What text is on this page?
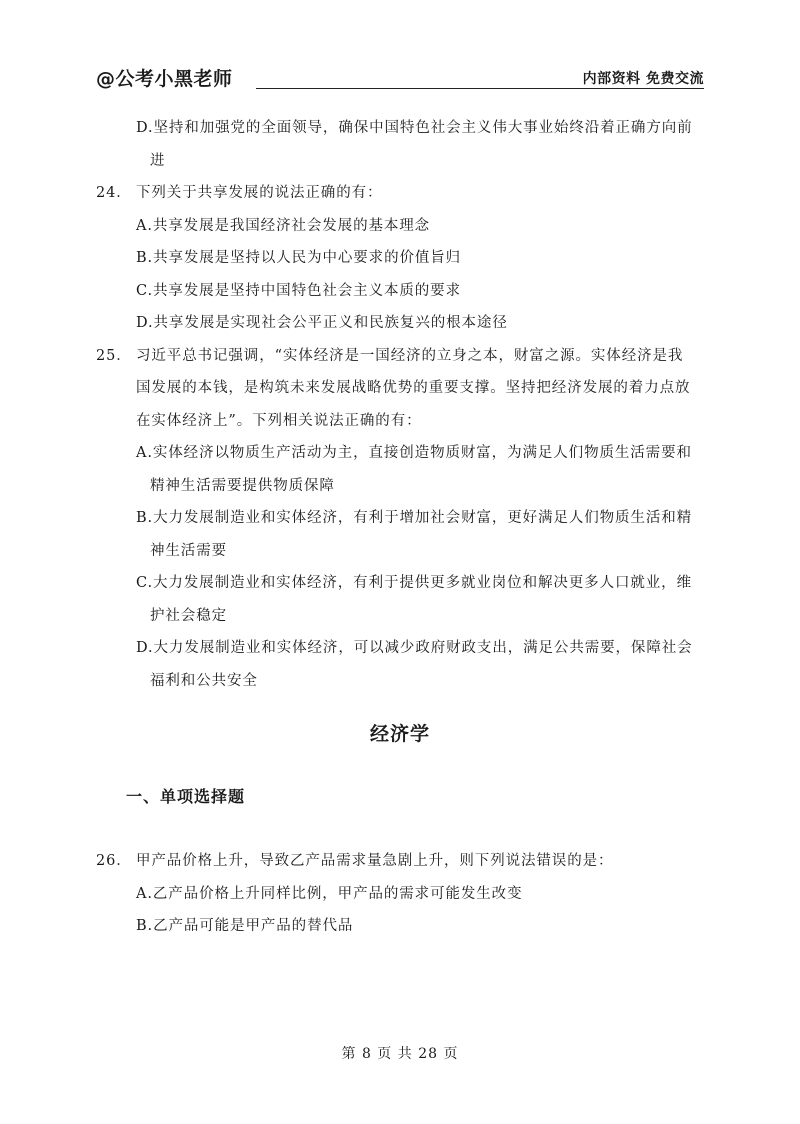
@公考小黑老师	内部资料 免费交流
D.坚持和加强党的全面领导，确保中国特色社会主义伟大事业始终沿着正确方向前
进
24． 下列关于共享发展的说法正确的有：
A.共享发展是我国经济社会发展的基本理念
B.共享发展是坚持以人民为中心要求的价值旨归
C.共享发展是坚持中国特色社会主义本质的要求
D.共享发展是实现社会公平正义和民族复兴的根本途径
25． 习近平总书记强调，“实体经济是一国经济的立身之本，财富之源。实体经济是我
国发展的本钱，是构筑未来发展战略优势的重要支撑。坚持把经济发展的着力点放
在实体经济上”。下列相关说法正确的有：
A.实体经济以物质生产活动为主，直接创造物质财富，为满足人们物质生活需要和
精神生活需要提供物质保障
B.大力发展制造业和实体经济，有利于增加社会财富，更好满足人们物质生活和精
神生活需要
C.大力发展制造业和实体经济，有利于提供更多就业岗位和解决更多人口就业，维
护社会稳定
D.大力发展制造业和实体经济，可以减少政府财政支出，满足公共需要，保障社会
福利和公共安全
经济学
一、单项选择题
26． 甲产品价格上升，导致乙产品需求量急剧上升，则下列说法错误的是：
A.乙产品价格上升同样比例，甲产品的需求可能发生改变
B.乙产品可能是甲产品的替代品
第 8 页 共 28 页
